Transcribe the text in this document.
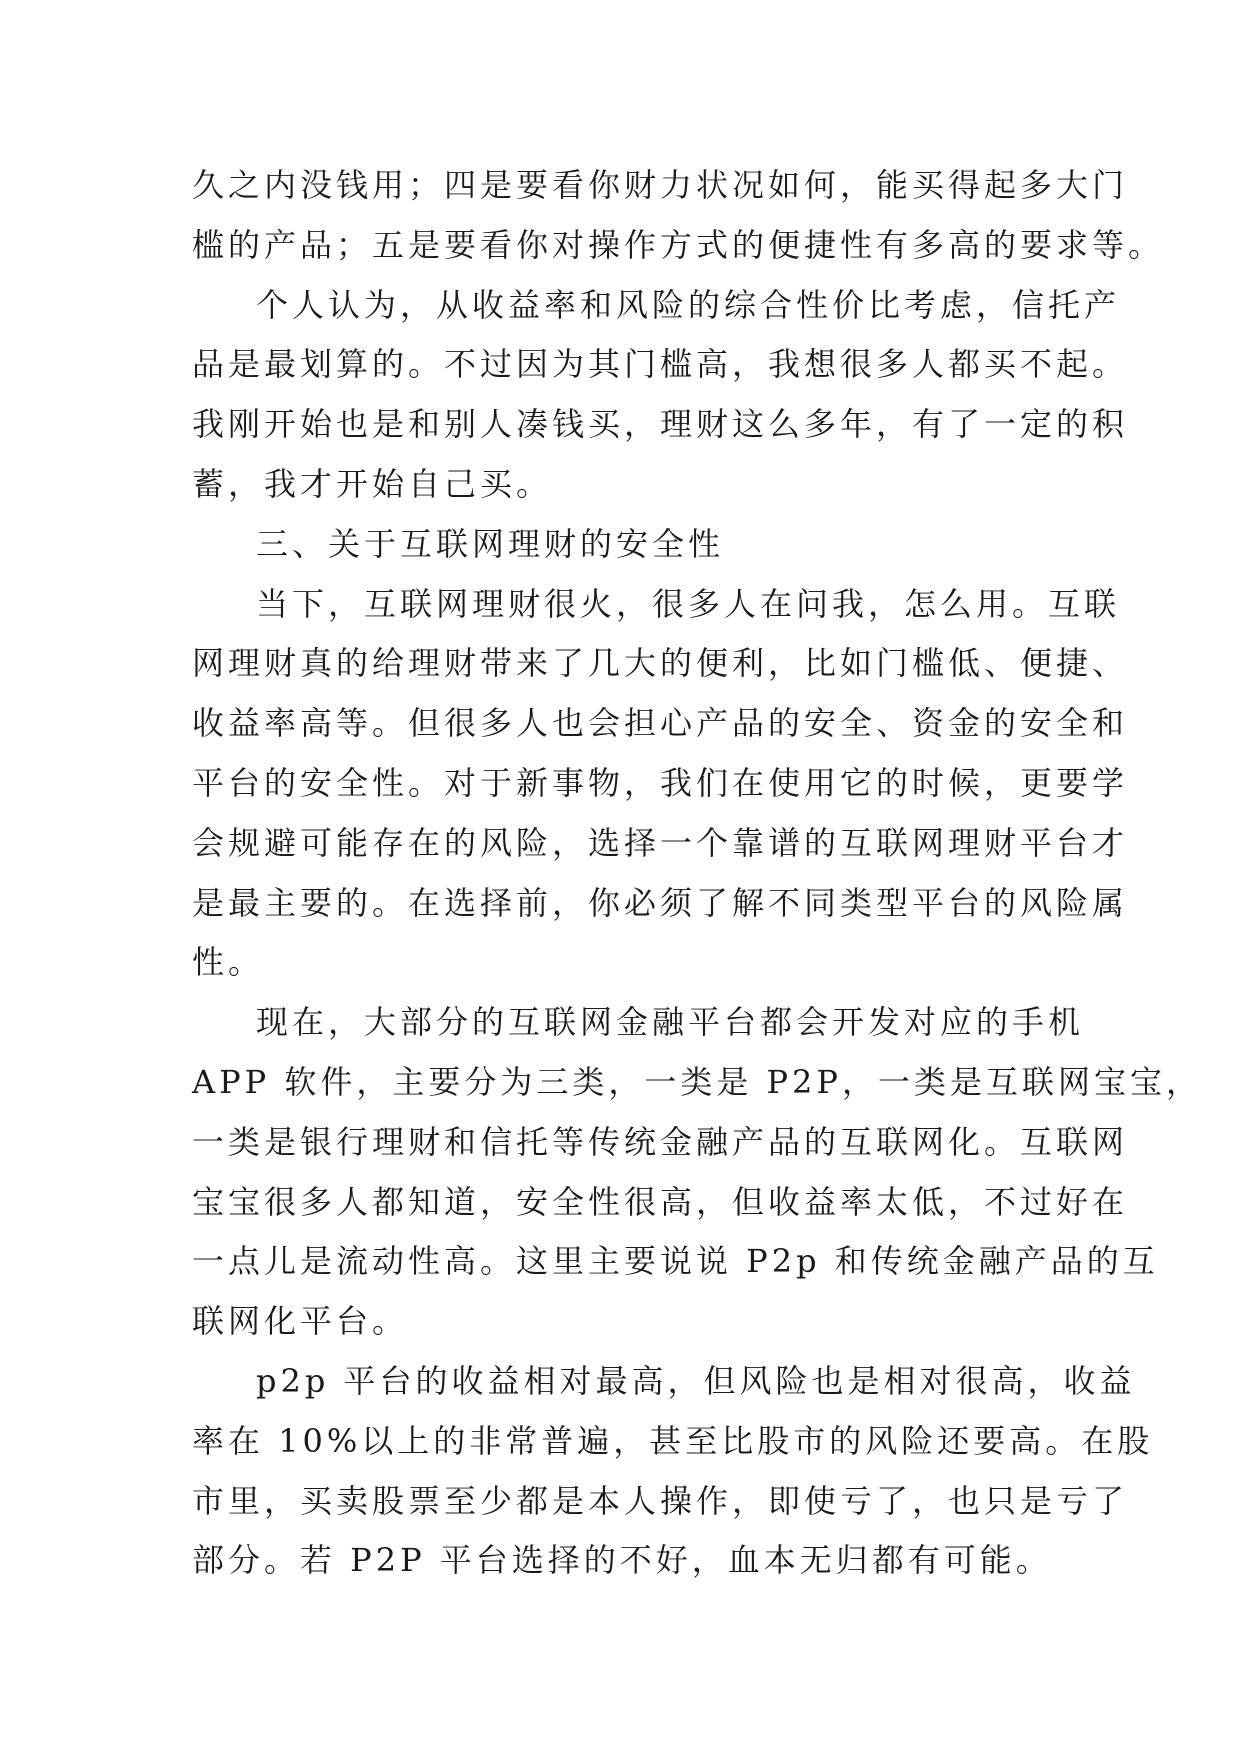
久之内没钱用；四是要看你财力状况如何，能买得起多大门
槛的产品；五是要看你对操作方式的便捷性有多高的要求等。
个人认为，从收益率和风险的综合性价比考虑，信托产
品是最划算的。不过因为其门槛高，我想很多人都买不起。
我刚开始也是和别人凑钱买，理财这么多年，有了一定的积
蓄，我才开始自己买。
三、关于互联网理财的安全性
当下，互联网理财很火，很多人在问我，怎么用。互联
网理财真的给理财带来了几大的便利，比如门槛低、便捷、
收益率高等。但很多人也会担心产品的安全、资金的安全和
平台的安全性。对于新事物，我们在使用它的时候，更要学
会规避可能存在的风险，选择一个靠谱的互联网理财平台才
是最主要的。在选择前，你必须了解不同类型平台的风险属
性。
现在，大部分的互联网金融平台都会开发对应的手机
APP 软件，主要分为三类，一类是 P2P，一类是互联网宝宝，
一类是银行理财和信托等传统金融产品的互联网化。互联网
宝宝很多人都知道，安全性很高，但收益率太低，不过好在
一点儿是流动性高。这里主要说说 P2p 和传统金融产品的互
联网化平台。
p2p 平台的收益相对最高，但风险也是相对很高，收益
率在 10%以上的非常普遍，甚至比股市的风险还要高。在股
市里，买卖股票至少都是本人操作，即使亏了，也只是亏了
部分。若 P2P 平台选择的不好，血本无归都有可能。
